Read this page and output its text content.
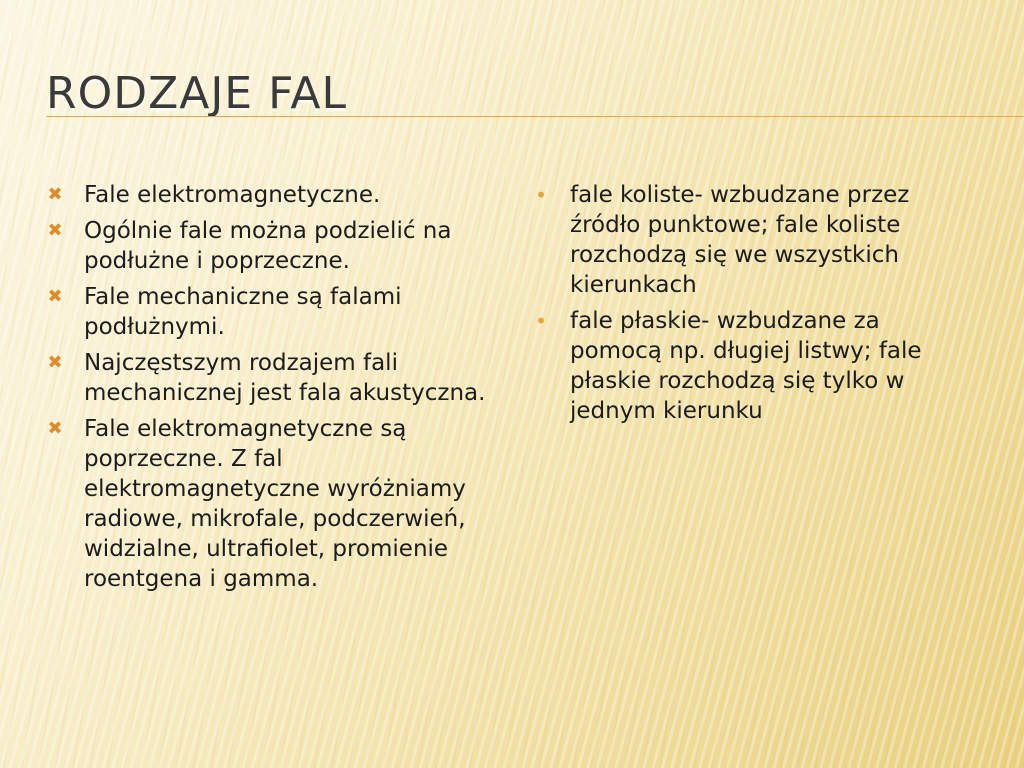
RODZAJE FAL
✖ Fale elektromagnetyczne.
✖ Ogólnie fale można podzielić na podłużne i poprzeczne.
✖ Fale mechaniczne są falami podłużnymi.
✖ Najczęstszym rodzajem fali mechanicznej jest fala akustyczna.
✖ Fale elektromagnetyczne są poprzeczne. Z fal elektromagnetyczne wyróżniamy radiowe, mikrofale, podczerwień, widzialne, ultrafiolet, promienie roentgena i gamma.
• fale koliste- wzbudzane przez źródło punktowe; fale koliste rozchodzą się we wszystkich kierunkach
• fale płaskie- wzbudzane za pomocą np. długiej listwy; fale płaskie rozchodzą się tylko w jednym kierunku
